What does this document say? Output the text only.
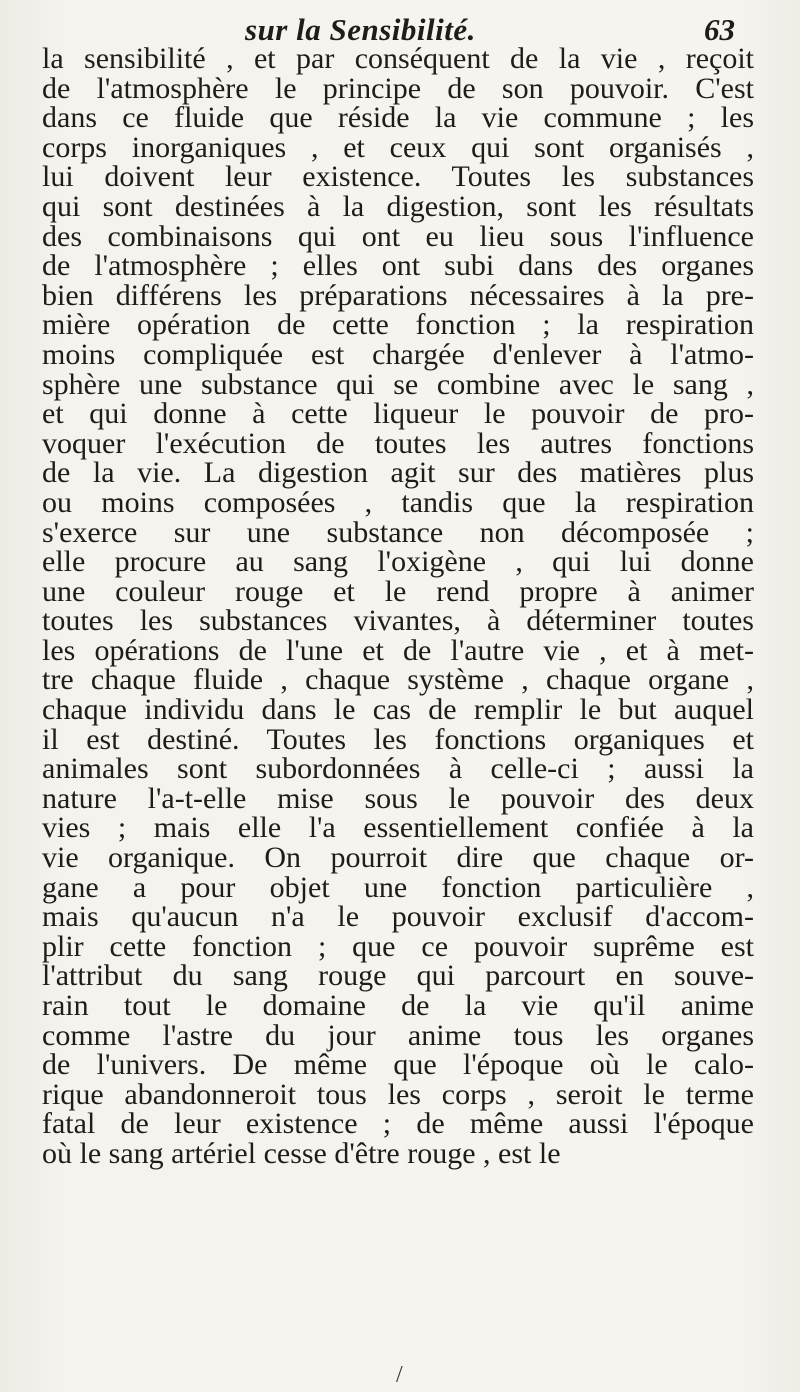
sur la Sensibilité.	63
la sensibilité , et par conséquent de la vie , reçoit
de l'atmosphère le principe de son pouvoir. C'est
dans ce fluide que réside la vie commune ; les
corps inorganiques , et ceux qui sont organisés ,
lui doivent leur existence. Toutes les substances
qui sont destinées à la digestion, sont les résultats
des combinaisons qui ont eu lieu sous l'influence
de l'atmosphère ; elles ont subi dans des organes
bien différens les préparations nécessaires à la pre-
mière opération de cette fonction ; la respiration
moins compliquée est chargée d'enlever à l'atmo-
sphère une substance qui se combine avec le sang ,
et qui donne à cette liqueur le pouvoir de pro-
voquer l'exécution de toutes les autres fonctions
de la vie. La digestion agit sur des matières plus
ou moins composées , tandis que la respiration
s'exerce sur une substance non décomposée ;
elle procure au sang l'oxigène , qui lui donne
une couleur rouge et le rend propre à animer
toutes les substances vivantes, à déterminer toutes
les opérations de l'une et de l'autre vie , et à met-
tre chaque fluide , chaque système , chaque organe ,
chaque individu dans le cas de remplir le but auquel
il est destiné. Toutes les fonctions organiques et
animales sont subordonnées à celle-ci ; aussi la
nature l'a-t-elle mise sous le pouvoir des deux
vies ; mais elle l'a essentiellement confiée à la
vie organique. On pourroit dire que chaque or-
gane a pour objet une fonction particulière ,
mais qu'aucun n'a le pouvoir exclusif d'accom-
plir cette fonction ; que ce pouvoir suprême est
l'attribut du sang rouge qui parcourt en souve-
rain tout le domaine de la vie qu'il anime
comme l'astre du jour anime tous les organes
de l'univers. De même que l'époque où le calo-
rique abandonneroit tous les corps , seroit le terme
fatal de leur existence ; de même aussi l'époque
où le sang artériel cesse d'être rouge , est le
/
